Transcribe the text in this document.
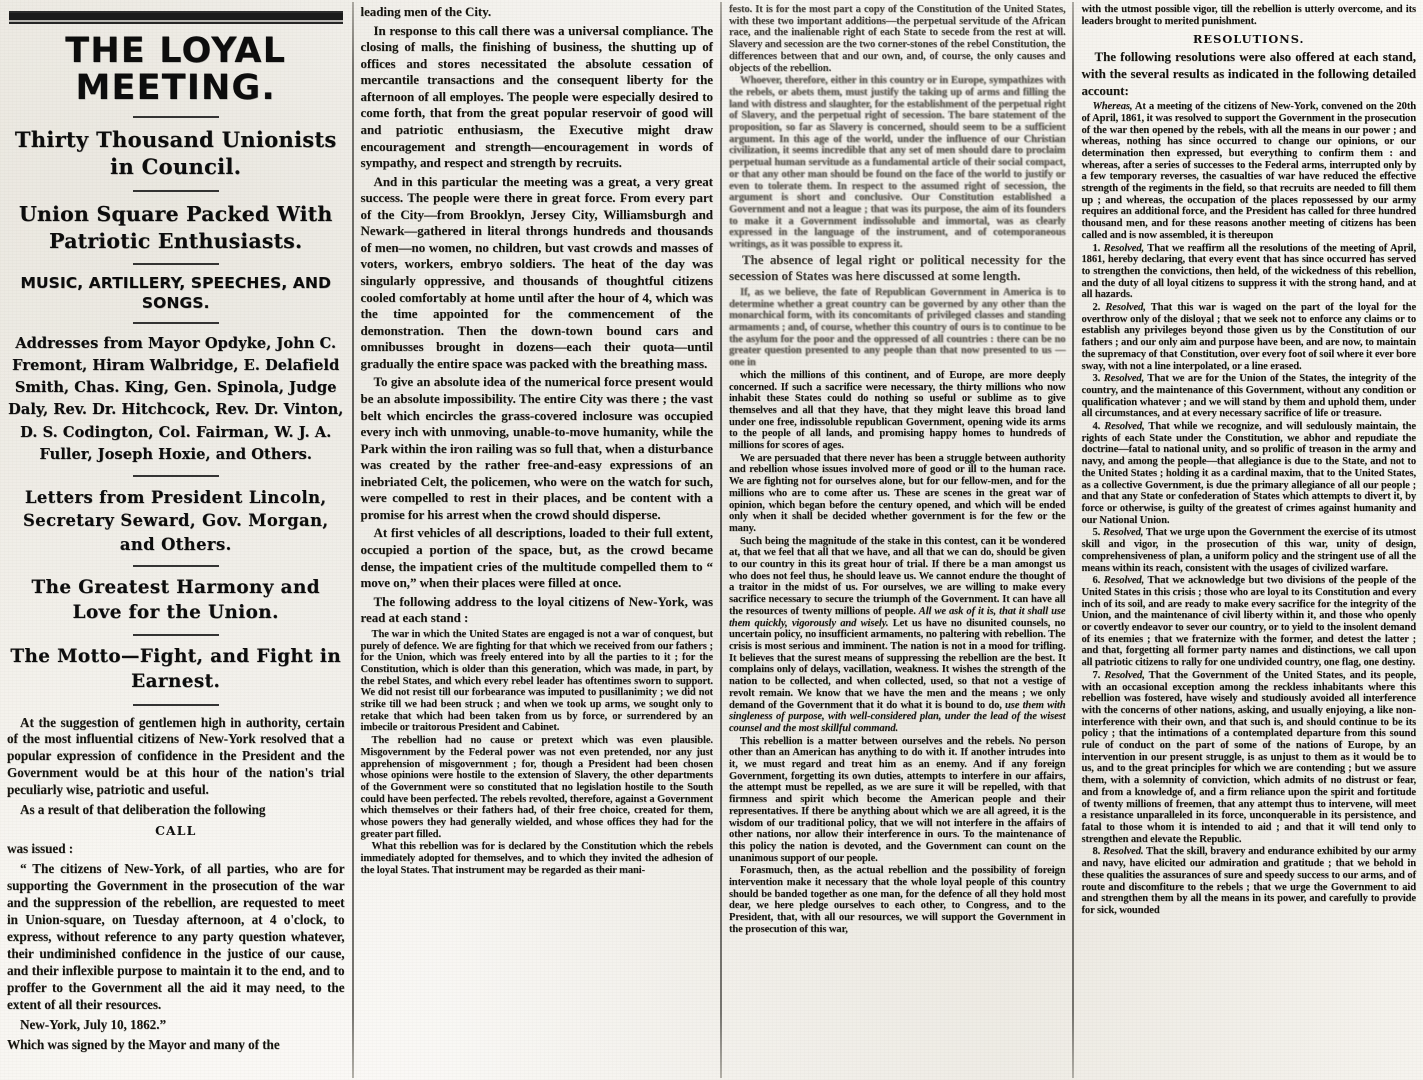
THE LOYAL MEETING.
Thirty Thousand Unionists in Council.
Union Square Packed With Patriotic Enthusiasts.
MUSIC, ARTILLERY, SPEECHES, AND SONGS.
Addresses from Mayor Opdyke, John C. Fremont, Hiram Walbridge, E. Delafield Smith, Chas. King, Gen. Spinola, Judge Daly, Rev. Dr. Hitchcock, Rev. Dr. Vinton, D. S. Codington, Col. Fairman, W. J. A. Fuller, Joseph Hoxie, and Others.
Letters from President Lincoln, Secretary Seward, Gov. Morgan, and Others.
The Greatest Harmony and Love for the Union.
The Motto—Fight, and Fight in Earnest.

At the suggestion of gentlemen high in authority, certain of the most influential citizens of New-York resolved that a popular expression of confidence in the President and the Government would be at this hour of the nation's trial peculiarly wise, patriotic and useful.

As a result of that deliberation the following

CALL

was issued :

“ The citizens of New-York, of all parties, who are for supporting the Government in the prosecution of the war and the suppression of the rebellion, are requested to meet in Union-square, on Tuesday afternoon, at 4 o'clock, to express, without reference to any party question whatever, their undiminished confidence in the justice of our cause, and their inflexible purpose to maintain it to the end, and to proffer to the Government all the aid it may need, to the extent of all their resources.

New-York, July 10, 1862.”

Which was signed by the Mayor and many of the

leading men of the City.

In response to this call there was a universal compliance. The closing of malls, the finishing of business, the shutting up of offices and stores necessitated the absolute cessation of mercantile transactions and the consequent liberty for the afternoon of all employes. The people were especially desired to come forth, that from the great popular reservoir of good will and patriotic enthusiasm, the Executive might draw encouragement and strength—encouragement in words of sympathy, and respect and strength by recruits.

And in this particular the meeting was a great, a very great success. The people were there in great force. From every part of the City—from Brooklyn, Jersey City, Williamsburgh and Newark—gathered in literal throngs hundreds and thousands of men—no women, no children, but vast crowds and masses of voters, workers, embryo soldiers. The heat of the day was singularly oppressive, and thousands of thoughtful citizens cooled comfortably at home until after the hour of 4, which was the time appointed for the commencement of the demonstration. Then the down-town bound cars and omnibusses brought in dozens—each their quota—until gradually the entire space was packed with the breathing mass.

To give an absolute idea of the numerical force present would be an absolute impossibility. The entire City was there ; the vast belt which encircles the grass-covered inclosure was occupied every inch with unmoving, unable-to-move humanity, while the Park within the iron railing was so full that, when a disturbance was created by the rather free-and-easy expressions of an inebriated Celt, the policemen, who were on the watch for such, were compelled to rest in their places, and be content with a promise for his arrest when the crowd should disperse.

At first vehicles of all descriptions, loaded to their full extent, occupied a portion of the space, but, as the crowd became dense, the impatient cries of the multitude compelled them to “ move on,” when their places were filled at once.

The following address to the loyal citizens of New-York, was read at each stand :

The war in which the United States are engaged is not a war of conquest, but purely of defence. We are fighting for that which we received from our fathers ; for the Union, which was freely entered into by all the parties to it ; for the Constitution, which is older than this generation, which was made, in part, by the rebel States, and which every rebel leader has oftentimes sworn to support. We did not resist till our forbearance was imputed to pusillanimity ; we did not strike till we had been struck ; and when we took up arms, we sought only to retake that which had been taken from us by force, or surrendered by an imbecile or traitorous President and Cabinet.

The rebellion had no cause or pretext which was even plausible. Misgovernment by the Federal power was not even pretended, nor any just apprehension of misgovernment ; for, though a President had been chosen whose opinions were hostile to the extension of Slavery, the other departments of the Government were so constituted that no legislation hostile to the South could have been perfected. The rebels revolted, therefore, against a Government which themselves or their fathers had, of their free choice, created for them, whose powers they had generally wielded, and whose offices they had for the greater part filled.

What this rebellion was for is declared by the Constitution which the rebels immediately adopted for themselves, and to which they invited the adhesion of the loyal States. That instrument may be regarded as their mani-

festo. It is for the most part a copy of the Constitution of the United States, with these two important additions—the perpetual servitude of the African race, and the inalienable right of each State to secede from the rest at will. Slavery and secession are the two corner-stones of the rebel Constitution, the differences between that and our own, and, of course, the only causes and objects of the rebellion.

Whoever, therefore, either in this country or in Europe, sympathizes with the rebels, or abets them, must justify the taking up of arms and filling the land with distress and slaughter, for the establishment of the perpetual right of Slavery, and the perpetual right of secession. The bare statement of the proposition, so far as Slavery is concerned, should seem to be a sufficient argument. In this age of the world, under the influence of our Christian civilization, it seems incredible that any set of men should dare to proclaim perpetual human servitude as a fundamental article of their social compact, or that any other man should be found on the face of the world to justify or even to tolerate them. In respect to the assumed right of secession, the argument is short and conclusive. Our Constitution established a Government and not a league ; that was its purpose, the aim of its founders to make it a Government indissoluble and immortal, was as clearly expressed in the language of the instrument, and of cotemporaneous writings, as it was possible to express it.

The absence of legal right or political necessity for the secession of States was here discussed at some length.

If, as we believe, the fate of Republican Government in America is to determine whether a great country can be governed by any other than the monarchical form, with its concomitants of privileged classes and standing armaments ; and, of course, whether this country of ours is to continue to be the asylum for the poor and the oppressed of all countries : there can be no greater question presented to any people than that now presented to us — one in

which the millions of this continent, and of Europe, are more deeply concerned. If such a sacrifice were necessary, the thirty millions who now inhabit these States could do nothing so useful or sublime as to give themselves and all that they have, that they might leave this broad land under one free, indissoluble republican Government, opening wide its arms to the people of all lands, and promising happy homes to hundreds of millions for scores of ages.

We are persuaded that there never has been a struggle between authority and rebellion whose issues involved more of good or ill to the human race. We are fighting not for ourselves alone, but for our fellow-men, and for the millions who are to come after us. These are scenes in the great war of opinion, which began before the century opened, and which will be ended only when it shall be decided whether government is for the few or the many.

Such being the magnitude of the stake in this contest, can it be wondered at, that we feel that all that we have, and all that we can do, should be given to our country in this its great hour of trial. If there be a man amongst us who does not feel thus, he should leave us. We cannot endure the thought of a traitor in the midst of us. For ourselves, we are willing to make every sacrifice necessary to secure the triumph of the Government. It can have all the resources of twenty millions of people. All we ask of it is, that it shall use them quickly, vigorously and wisely. Let us have no disunited counsels, no uncertain policy, no insufficient armaments, no paltering with rebellion. The crisis is most serious and imminent. The nation is not in a mood for trifling. It believes that the surest means of suppressing the rebellion are the best. It complains only of delays, vacillation, weakness. It wishes the strength of the nation to be collected, and when collected, used, so that not a vestige of revolt remain. We know that we have the men and the means ; we only demand of the Government that it do what it is bound to do, use them with singleness of purpose, with well-considered plan, under the lead of the wisest counsel and the most skillful command.

This rebellion is a matter between ourselves and the rebels. No person other than an American has anything to do with it. If another intrudes into it, we must regard and treat him as an enemy. And if any foreign Government, forgetting its own duties, attempts to interfere in our affairs, the attempt must be repelled, as we are sure it will be repelled, with that firmness and spirit which become the American people and their representatives. If there be anything about which we are all agreed, it is the wisdom of our traditional policy, that we will not interfere in the affairs of other nations, nor allow their interference in ours. To the maintenance of this policy the nation is devoted, and the Government can count on the unanimous support of our people.

Forasmuch, then, as the actual rebellion and the possibility of foreign intervention make it necessary that the whole loyal people of this country should be banded together as one man, for the defence of all they hold most dear, we here pledge ourselves to each other, to Congress, and to the President, that, with all our resources, we will support the Government in the prosecution of this war,

with the utmost possible vigor, till the rebellion is utterly overcome, and its leaders brought to merited punishment.

RESOLUTIONS.

The following resolutions were also offered at each stand, with the several results as indicated in the following detailed account:

Whereas, At a meeting of the citizens of New-York, convened on the 20th of April, 1861, it was resolved to support the Government in the prosecution of the war then opened by the rebels, with all the means in our power ; and whereas, nothing has since occurred to change our opinions, or our determination then expressed, but everything to confirm them : and whereas, after a series of successes to the Federal arms, interrupted only by a few temporary reverses, the casualties of war have reduced the effective strength of the regiments in the field, so that recruits are needed to fill them up ; and whereas, the occupation of the places repossessed by our army requires an additional force, and the President has called for three hundred thousand men, and for these reasons another meeting of citizens has been called and is now assembled, it is thereupon

1. Resolved, That we reaffirm all the resolutions of the meeting of April, 1861, hereby declaring, that every event that has since occurred has served to strengthen the convictions, then held, of the wickedness of this rebellion, and the duty of all loyal citizens to suppress it with the strong hand, and at all hazards.

2. Resolved, That this war is waged on the part of the loyal for the overthrow only of the disloyal ; that we seek not to enforce any claims or to establish any privileges beyond those given us by the Constitution of our fathers ; and our only aim and purpose have been, and are now, to maintain the supremacy of that Constitution, over every foot of soil where it ever bore sway, with not a line interpolated, or a line erased.

3. Resolved, That we are for the Union of the States, the integrity of the country, and the maintenance of this Government, without any condition or qualification whatever ; and we will stand by them and uphold them, under all circumstances, and at every necessary sacrifice of life or treasure.

4. Resolved, That while we recognize, and will sedulously maintain, the rights of each State under the Constitution, we abhor and repudiate the doctrine—fatal to national unity, and so prolific of treason in the army and navy, and among the people—that allegiance is due to the State, and not to the United States ; holding it as a cardinal maxim, that to the United States, as a collective Government, is due the primary allegiance of all our people ; and that any State or confederation of States which attempts to divert it, by force or otherwise, is guilty of the greatest of crimes against humanity and our National Union.

5. Resolved, That we urge upon the Government the exercise of its utmost skill and vigor, in the prosecution of this war, unity of design, comprehensiveness of plan, a uniform policy and the stringent use of all the means within its reach, consistent with the usages of civilized warfare.

6. Resolved, That we acknowledge but two divisions of the people of the United States in this crisis ; those who are loyal to its Constitution and every inch of its soil, and are ready to make every sacrifice for the integrity of the Union, and the maintenance of civil liberty within it, and those who openly or covertly endeavor to sever our country, or to yield to the insolent demand of its enemies ; that we fraternize with the former, and detest the latter ; and that, forgetting all former party names and distinctions, we call upon all patriotic citizens to rally for one undivided country, one flag, one destiny.

7. Resolved, That the Government of the United States, and its people, with an occasional exception among the reckless inhabitants where this rebellion was fostered, have wisely and studiously avoided all interference with the concerns of other nations, asking, and usually enjoying, a like non-interference with their own, and that such is, and should continue to be its policy ; that the intimations of a contemplated departure from this sound rule of conduct on the part of some of the nations of Europe, by an intervention in our present struggle, is as unjust to them as it would be to us, and to the great principles for which we are contending ; but we assure them, with a solemnity of conviction, which admits of no distrust or fear, and from a knowledge of, and a firm reliance upon the spirit and fortitude of twenty millions of freemen, that any attempt thus to intervene, will meet a resistance unparalleled in its force, unconquerable in its persistence, and fatal to those whom it is intended to aid ; and that it will tend only to strengthen and elevate the Republic.

8. Resolved. That the skill, bravery and endurance exhibited by our army and navy, have elicited our admiration and gratitude ; that we behold in these qualities the assurances of sure and speedy success to our arms, and of route and discomfiture to the rebels ; that we urge the Government to aid and strengthen them by all the means in its power, and carefully to provide for sick, wounded
